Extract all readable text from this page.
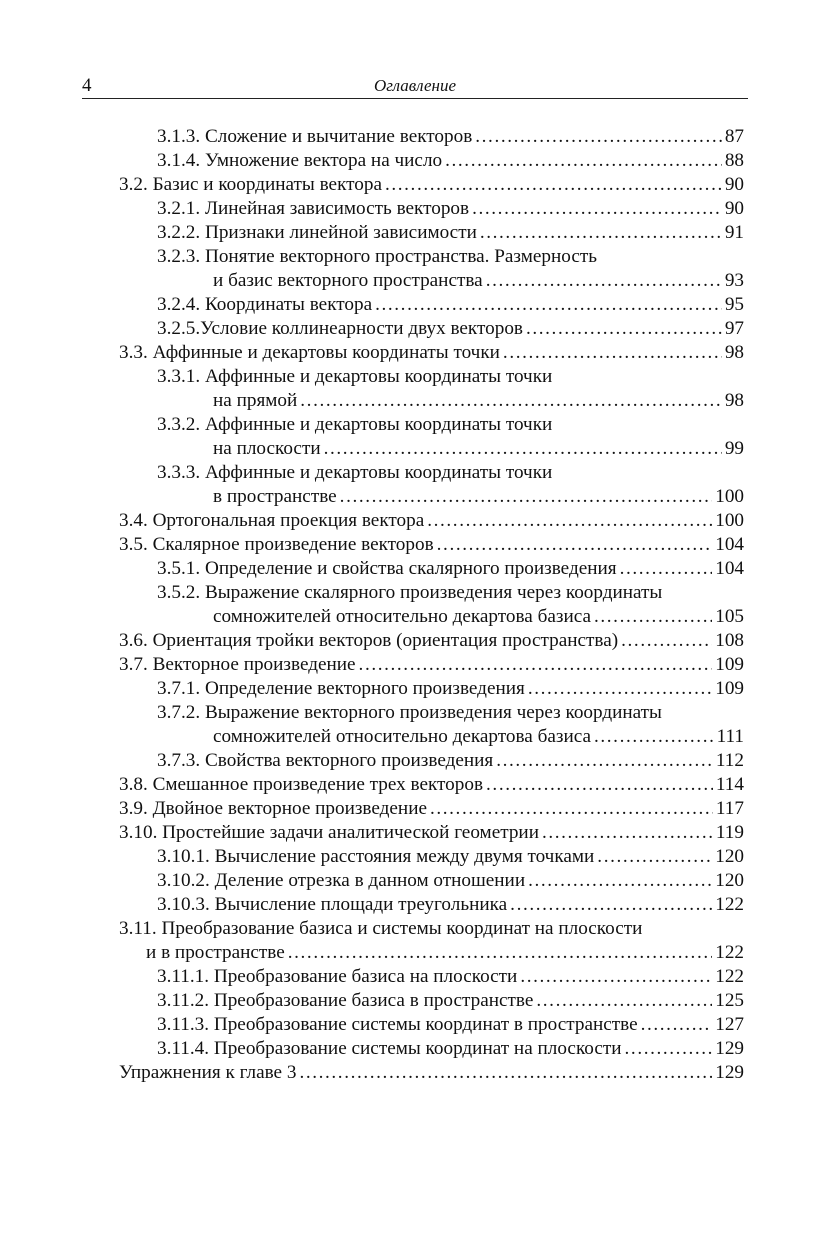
4	Оглавление
3.1.3. Сложение и вычитание векторов . . .	87
3.1.4. Умножение вектора на число . . .	88
3.2. Базис и координаты вектора . . .	90
3.2.1. Линейная зависимость векторов . . .	90
3.2.2. Признаки линейной зависимости . . .	91
3.2.3. Понятие векторного пространства. Размерность
и базис векторного пространства . . .	93
3.2.4. Координаты вектора . . .	95
3.2.5.Условие коллинеарности двух векторов . . .	97
3.3. Аффинные и декартовы координаты точки . . .	98
3.3.1. Аффинные и декартовы координаты точки
на прямой . . .	98
3.3.2. Аффинные и декартовы координаты точки
на плоскости . . .	99
3.3.3. Аффинные и декартовы координаты точки
в пространстве . . .	100
3.4. Ортогональная проекция вектора . . .	100
3.5. Скалярное произведение векторов . . .	104
3.5.1. Определение и свойства скалярного произведения . . .	104
3.5.2. Выражение скалярного произведения через координаты
сомножителей относительно декартова базиса . . .	105
3.6. Ориентация тройки векторов (ориентация пространства) . . .	108
3.7. Векторное произведение . . .	109
3.7.1. Определение векторного произведения . . .	109
3.7.2. Выражение векторного произведения через координаты
сомножителей относительно декартова базиса . . .	111
3.7.3. Свойства векторного произведения . . .	112
3.8. Смешанное произведение трех векторов . . .	114
3.9. Двойное векторное произведение . . .	117
3.10. Простейшие задачи аналитической геометрии . . .	119
3.10.1. Вычисление расстояния между двумя точками . . .	120
3.10.2. Деление отрезка в данном отношении . . .	120
3.10.3. Вычисление площади треугольника . . .	122
3.11. Преобразование базиса и системы координат на плоскости
и в пространстве . . .	122
3.11.1. Преобразование базиса на плоскости . . .	122
3.11.2. Преобразование базиса в пространстве . . .	125
3.11.3. Преобразование системы координат в пространстве . . .	127
3.11.4. Преобразование системы координат на плоскости . . .	129
Упражнения к главе 3 . . .	129
